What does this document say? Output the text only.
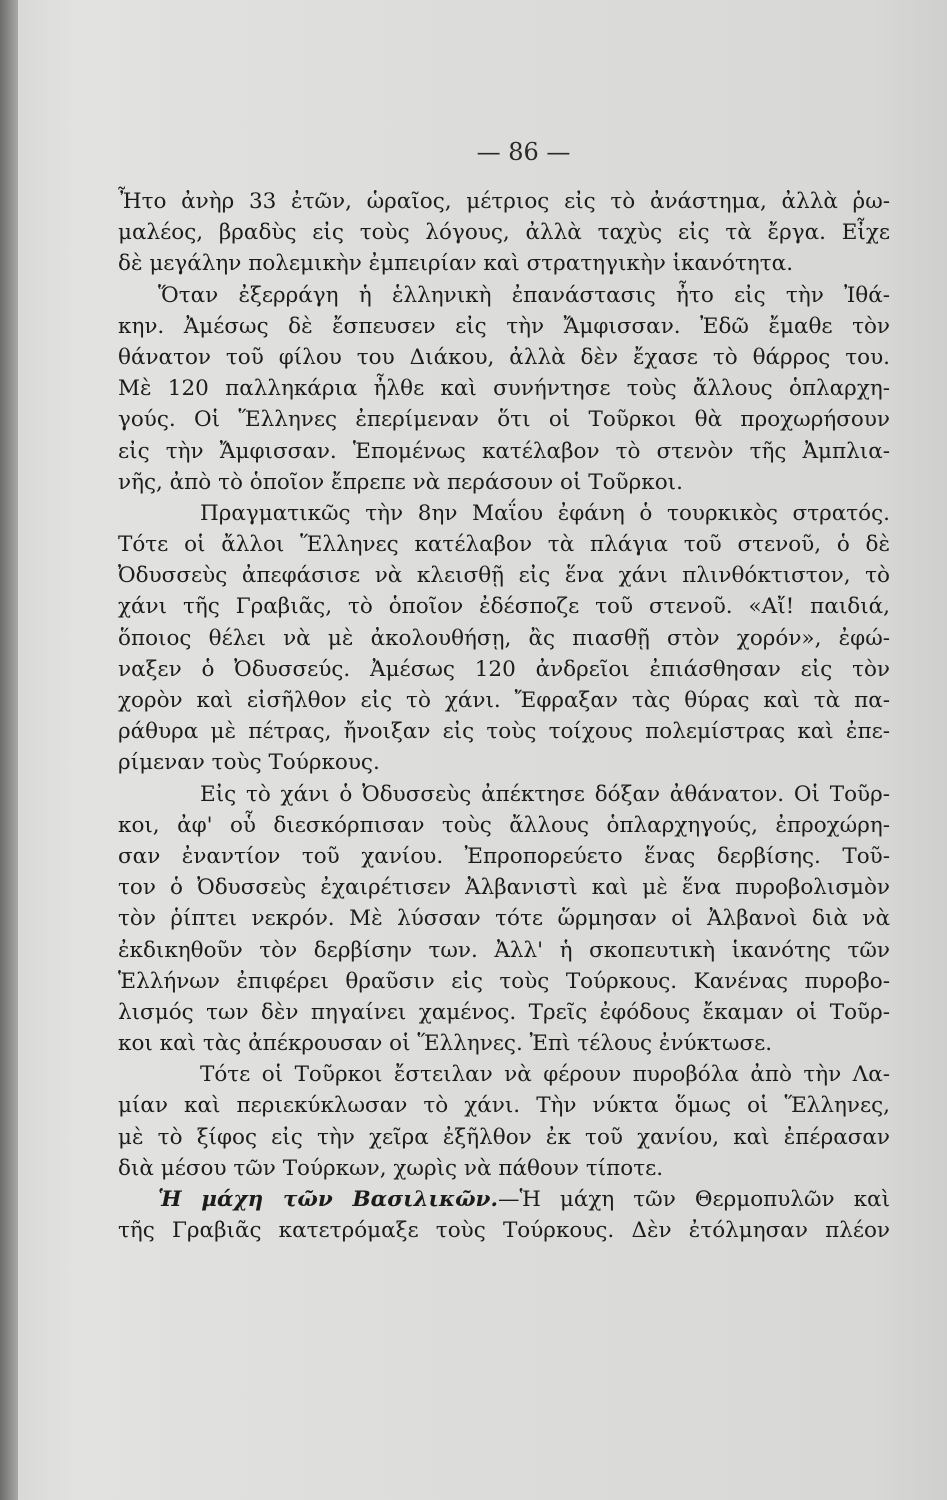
— 86 —
Ἦτο ἀνὴρ 33 ἐτῶν, ὡραῖος, μέτριος εἰς τὸ ἀνάστημα, ἀλλὰ ῥω-
μαλέος, βραδὺς εἰς τοὺς λόγους, ἀλλὰ ταχὺς εἰς τὰ ἔργα. Εἶχε
δὲ μεγάλην πολεμικὴν ἐμπειρίαν καὶ στρατηγικὴν ἱκανότητα.
Ὅταν ἐξερράγη ἡ ἑλληνικὴ ἐπανάστασις ἦτο εἰς τὴν Ἰθά-
κην. Ἀμέσως δὲ ἔσπευσεν εἰς τὴν Ἄμφισσαν. Ἐδῶ ἔμαθε τὸν
θάνατον τοῦ φίλου του Διάκου, ἀλλὰ δὲν ἔχασε τὸ θάρρος του.
Μὲ 120 παλληκάρια ἦλθε καὶ συνήντησε τοὺς ἄλλους ὁπλαρχη-
γούς. Οἱ Ἕλληνες ἐπερίμεναν ὅτι οἱ Τοῦρκοι θὰ προχωρήσουν
εἰς τὴν Ἄμφισσαν. Ἑπομένως κατέλαβον τὸ στενὸν τῆς Ἀμπλια-
νῆς, ἀπὸ τὸ ὁποῖον ἔπρεπε νὰ περάσουν οἱ Τοῦρκοι.
Πραγματικῶς τὴν 8ην Μαΐου ἐφάνη ὁ τουρκικὸς στρατός.
Τότε οἱ ἄλλοι Ἕλληνες κατέλαβον τὰ πλάγια τοῦ στενοῦ, ὁ δὲ
Ὀδυσσεὺς ἀπεφάσισε νὰ κλεισθῇ εἰς ἕνα χάνι πλινθόκτιστον, τὸ
χάνι τῆς Γραβιᾶς, τὸ ὁποῖον ἐδέσποζε τοῦ στενοῦ. «Αἴ! παιδιά,
ὅποιος θέλει νὰ μὲ ἀκολουθήσῃ, ἂς πιασθῇ στὸν χορόν», ἐφώ-
ναξεν ὁ Ὀδυσσεύς. Ἀμέσως 120 ἀνδρεῖοι ἐπιάσθησαν εἰς τὸν
χορὸν καὶ εἰσῆλθον εἰς τὸ χάνι. Ἔφραξαν τὰς θύρας καὶ τὰ πα-
ράθυρα μὲ πέτρας, ἤνοιξαν εἰς τοὺς τοίχους πολεμίστρας καὶ ἐπε-
ρίμεναν τοὺς Τούρκους.
Εἰς τὸ χάνι ὁ Ὀδυσσεὺς ἀπέκτησε δόξαν ἀθάνατον. Οἱ Τοῦρ-
κοι, ἀφ' οὗ διεσκόρπισαν τοὺς ἄλλους ὁπλαρχηγούς, ἐπροχώρη-
σαν ἐναντίον τοῦ χανίου. Ἐπροπορεύετο ἕνας δερβίσης. Τοῦ-
τον ὁ Ὀδυσσεὺς ἐχαιρέτισεν Ἀλβανιστὶ καὶ μὲ ἕνα πυροβολισμὸν
τὸν ῥίπτει νεκρόν. Μὲ λύσσαν τότε ὥρμησαν οἱ Ἀλβανοὶ διὰ νὰ
ἐκδικηθοῦν τὸν δερβίσην των. Ἀλλ' ἡ σκοπευτικὴ ἱκανότης τῶν
Ἑλλήνων ἐπιφέρει θραῦσιν εἰς τοὺς Τούρκους. Κανένας πυροβο-
λισμός των δὲν πηγαίνει χαμένος. Τρεῖς ἐφόδους ἔκαμαν οἱ Τοῦρ-
κοι καὶ τὰς ἀπέκρουσαν οἱ Ἕλληνες. Ἐπὶ τέλους ἐνύκτωσε.
Τότε οἱ Τοῦρκοι ἔστειλαν νὰ φέρουν πυροβόλα ἀπὸ τὴν Λα-
μίαν καὶ περιεκύκλωσαν τὸ χάνι. Τὴν νύκτα ὅμως οἱ Ἕλληνες,
μὲ τὸ ξίφος εἰς τὴν χεῖρα ἐξῆλθον ἐκ τοῦ χανίου, καὶ ἐπέρασαν
διὰ μέσου τῶν Τούρκων, χωρὶς νὰ πάθουν τίποτε.
Ἡ μάχη τῶν Βασιλικῶν.—Ἡ μάχη τῶν Θερμοπυλῶν καὶ
τῆς Γραβιᾶς κατετρόμαξε τοὺς Τούρκους. Δὲν ἐτόλμησαν πλέον
